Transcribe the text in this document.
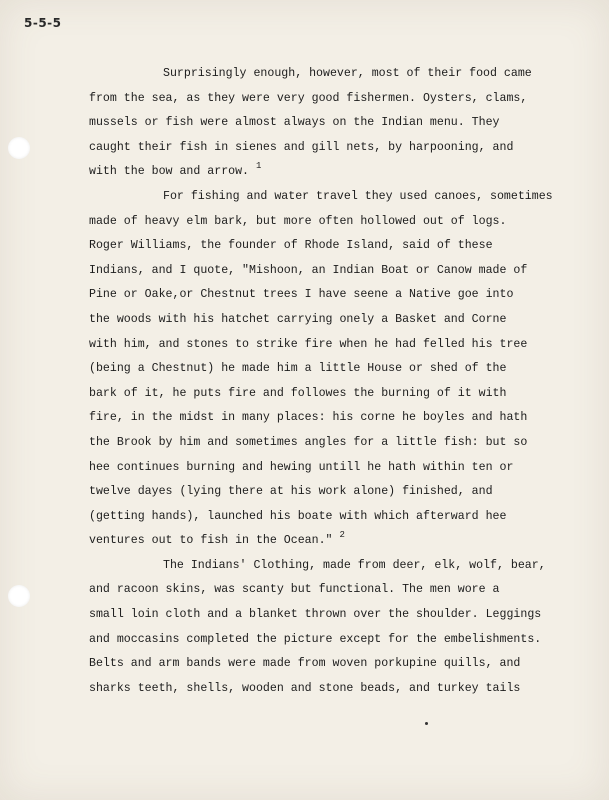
5-5-5
Surprisingly enough, however, most of their food came
from the sea, as they were very good fishermen. Oysters, clams,
mussels or fish were almost always on the Indian menu. They
caught their fish in sienes and gill nets, by harpooning, and
with the bow and arrow. $^1$
For fishing and water travel they used canoes, sometimes
made of heavy elm bark, but more often hollowed out of logs.
Roger Williams, the founder of Rhode Island, said of these
Indians, and I quote, "Mishoon, an Indian Boat or Canow made of
Pine or Oake,or Chestnut trees I have seene a Native goe into
the woods with his hatchet carrying onely a Basket and Corne
with him, and stones to strike fire when he had felled his tree
(being a Chestnut) he made him a little House or shed of the
bark of it, he puts fire and followes the burning of it with
fire, in the midst in many places: his corne he boyles and hath
the Brook by him and sometimes angles for a little fish: but so
hee continues burning and hewing untill he hath within ten or
twelve dayes (lying there at his work alone) finished, and
(getting hands), launched his boate with which afterward hee
ventures out to fish in the Ocean." $^2$
The Indians' Clothing, made from deer, elk, wolf, bear,
and racoon skins, was scanty but functional. The men wore a
small loin cloth and a blanket thrown over the shoulder. Leggings
and moccasins completed the picture except for the embelishments.
Belts and arm bands were made from woven porkupine quills, and
sharks teeth, shells, wooden and stone beads, and turkey tails
